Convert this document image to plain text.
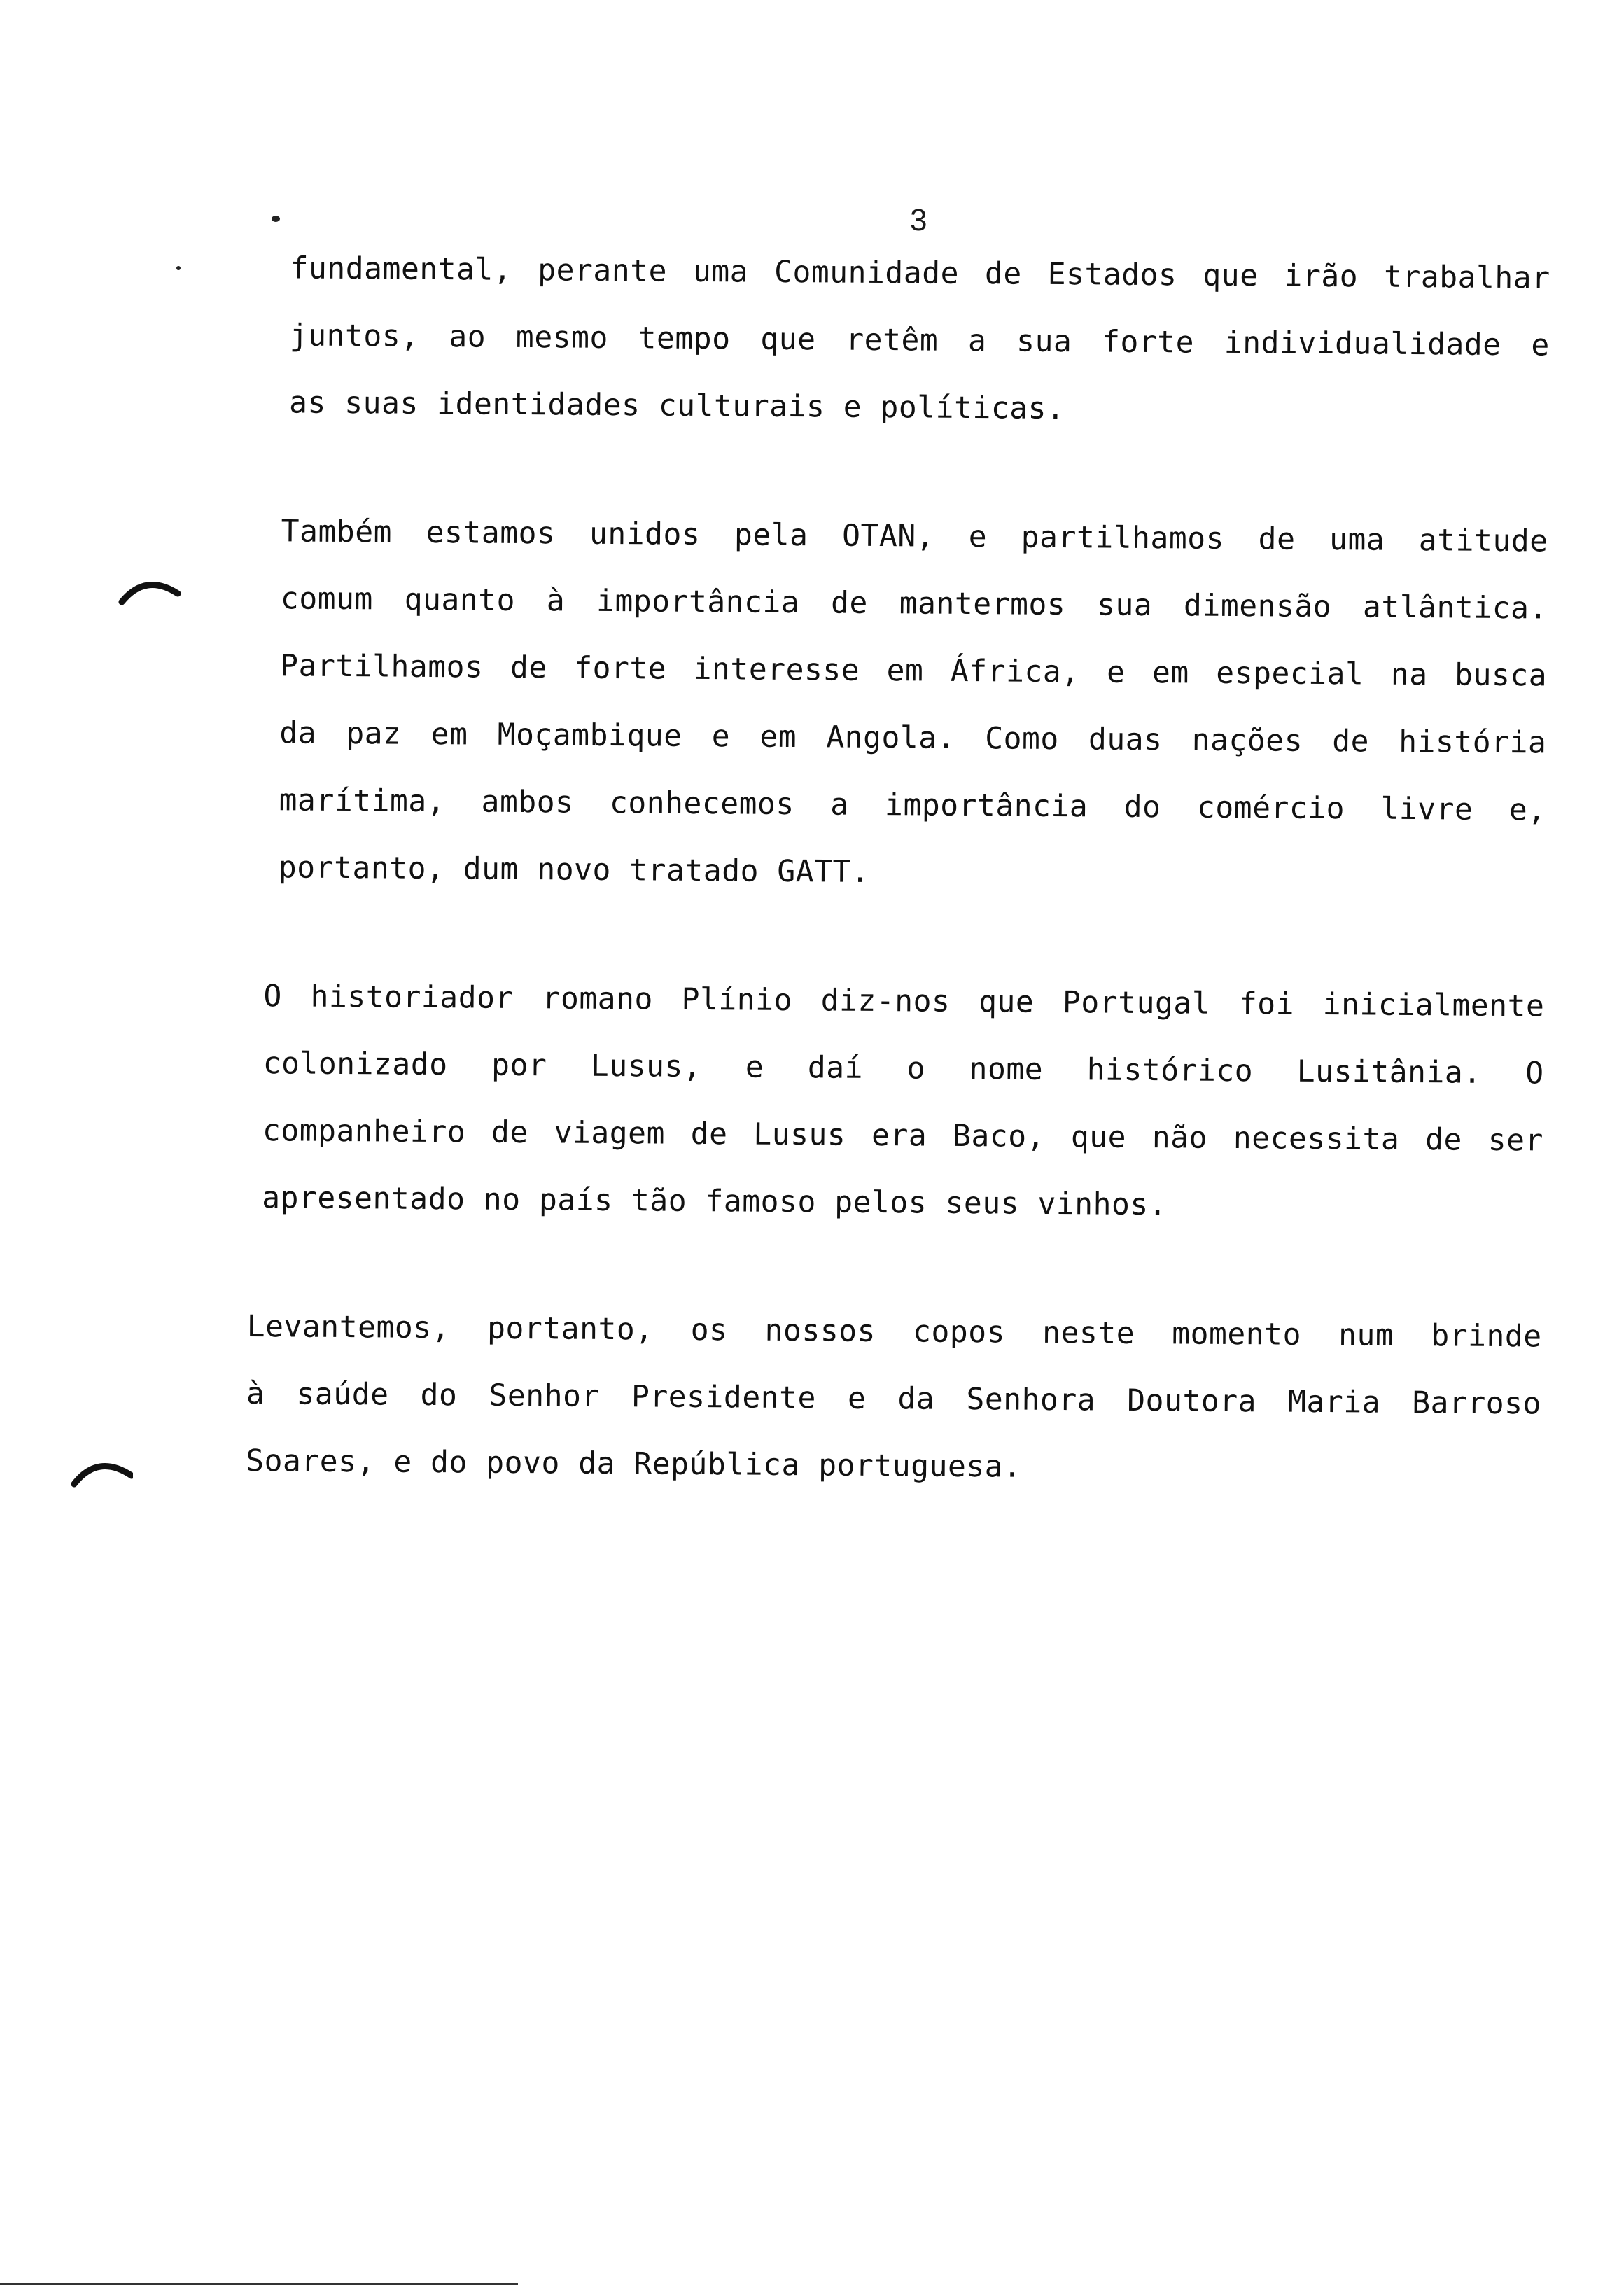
3
fundamental, perante uma Comunidade de Estados que irão trabalhar
juntos, ao mesmo tempo que retêm a sua forte individualidade e
as suas identidades culturais e políticas.
Também estamos unidos pela OTAN, e partilhamos de uma atitude
comum quanto à importância de mantermos sua dimensão atlântica.
Partilhamos de forte interesse em África, e em especial na busca
da paz em Moçambique e em Angola. Como duas nações de história
marítima, ambos conhecemos a importância do comércio livre e,
portanto, dum novo tratado GATT.
O historiador romano Plínio diz-nos que Portugal foi inicialmente
colonizado por Lusus, e daí o nome histórico Lusitânia. O
companheiro de viagem de Lusus era Baco, que não necessita de ser
apresentado no país tão famoso pelos seus vinhos.
Levantemos, portanto, os nossos copos neste momento num brinde
à saúde do Senhor Presidente e da Senhora Doutora Maria Barroso
Soares, e do povo da República portuguesa.
